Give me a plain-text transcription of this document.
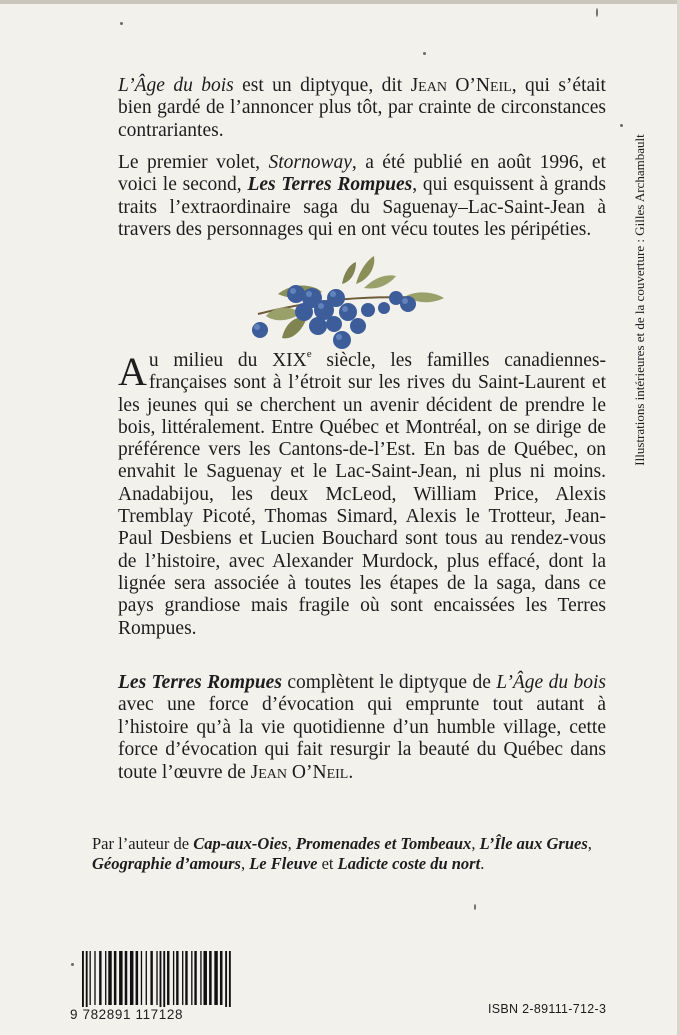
L’Âge du bois est un diptyque, dit Jean O’Neil, qui s’était bien gardé de l’annoncer plus tôt, par crainte de circonstances contrariantes.

Le premier volet, Stornoway, a été publié en août 1996, et voici le second, Les Terres Rompues, qui esquissent à grands traits l’extraordinaire saga du Saguenay–Lac-Saint-Jean à travers des personnages qui en ont vécu toutes les péripéties.

Au milieu du XIXe siècle, les familles canadiennes-françaises sont à l’étroit sur les rives du Saint-Laurent et les jeunes qui se cherchent un avenir décident de prendre le bois, littéralement. Entre Québec et Montréal, on se dirige de préférence vers les Cantons-de-l’Est. En bas de Québec, on envahit le Saguenay et le Lac-Saint-Jean, ni plus ni moins. Anadabijou, les deux McLeod, William Price, Alexis Tremblay Picoté, Thomas Simard, Alexis le Trotteur, Jean-Paul Desbiens et Lucien Bouchard sont tous au rendez-vous de l’histoire, avec Alexander Murdock, plus effacé, dont la lignée sera associée à toutes les étapes de la saga, dans ce pays grandiose mais fragile où sont encaissées les Terres Rompues.

Les Terres Rompues complètent le diptyque de L’Âge du bois avec une force d’évocation qui emprunte tout autant à l’histoire qu’à la vie quotidienne d’un humble village, cette force d’évocation qui fait resurgir la beauté du Québec dans toute l’œuvre de Jean O’Neil.

Par l’auteur de Cap-aux-Oies, Promenades et Tombeaux, L’Île aux Grues, Géographie d’amours, Le Fleuve et Ladicte coste du nort.

Illustrations intérieures et de la couverture : Gilles Archambault
9 782891 117128	ISBN 2-89111-712-3
